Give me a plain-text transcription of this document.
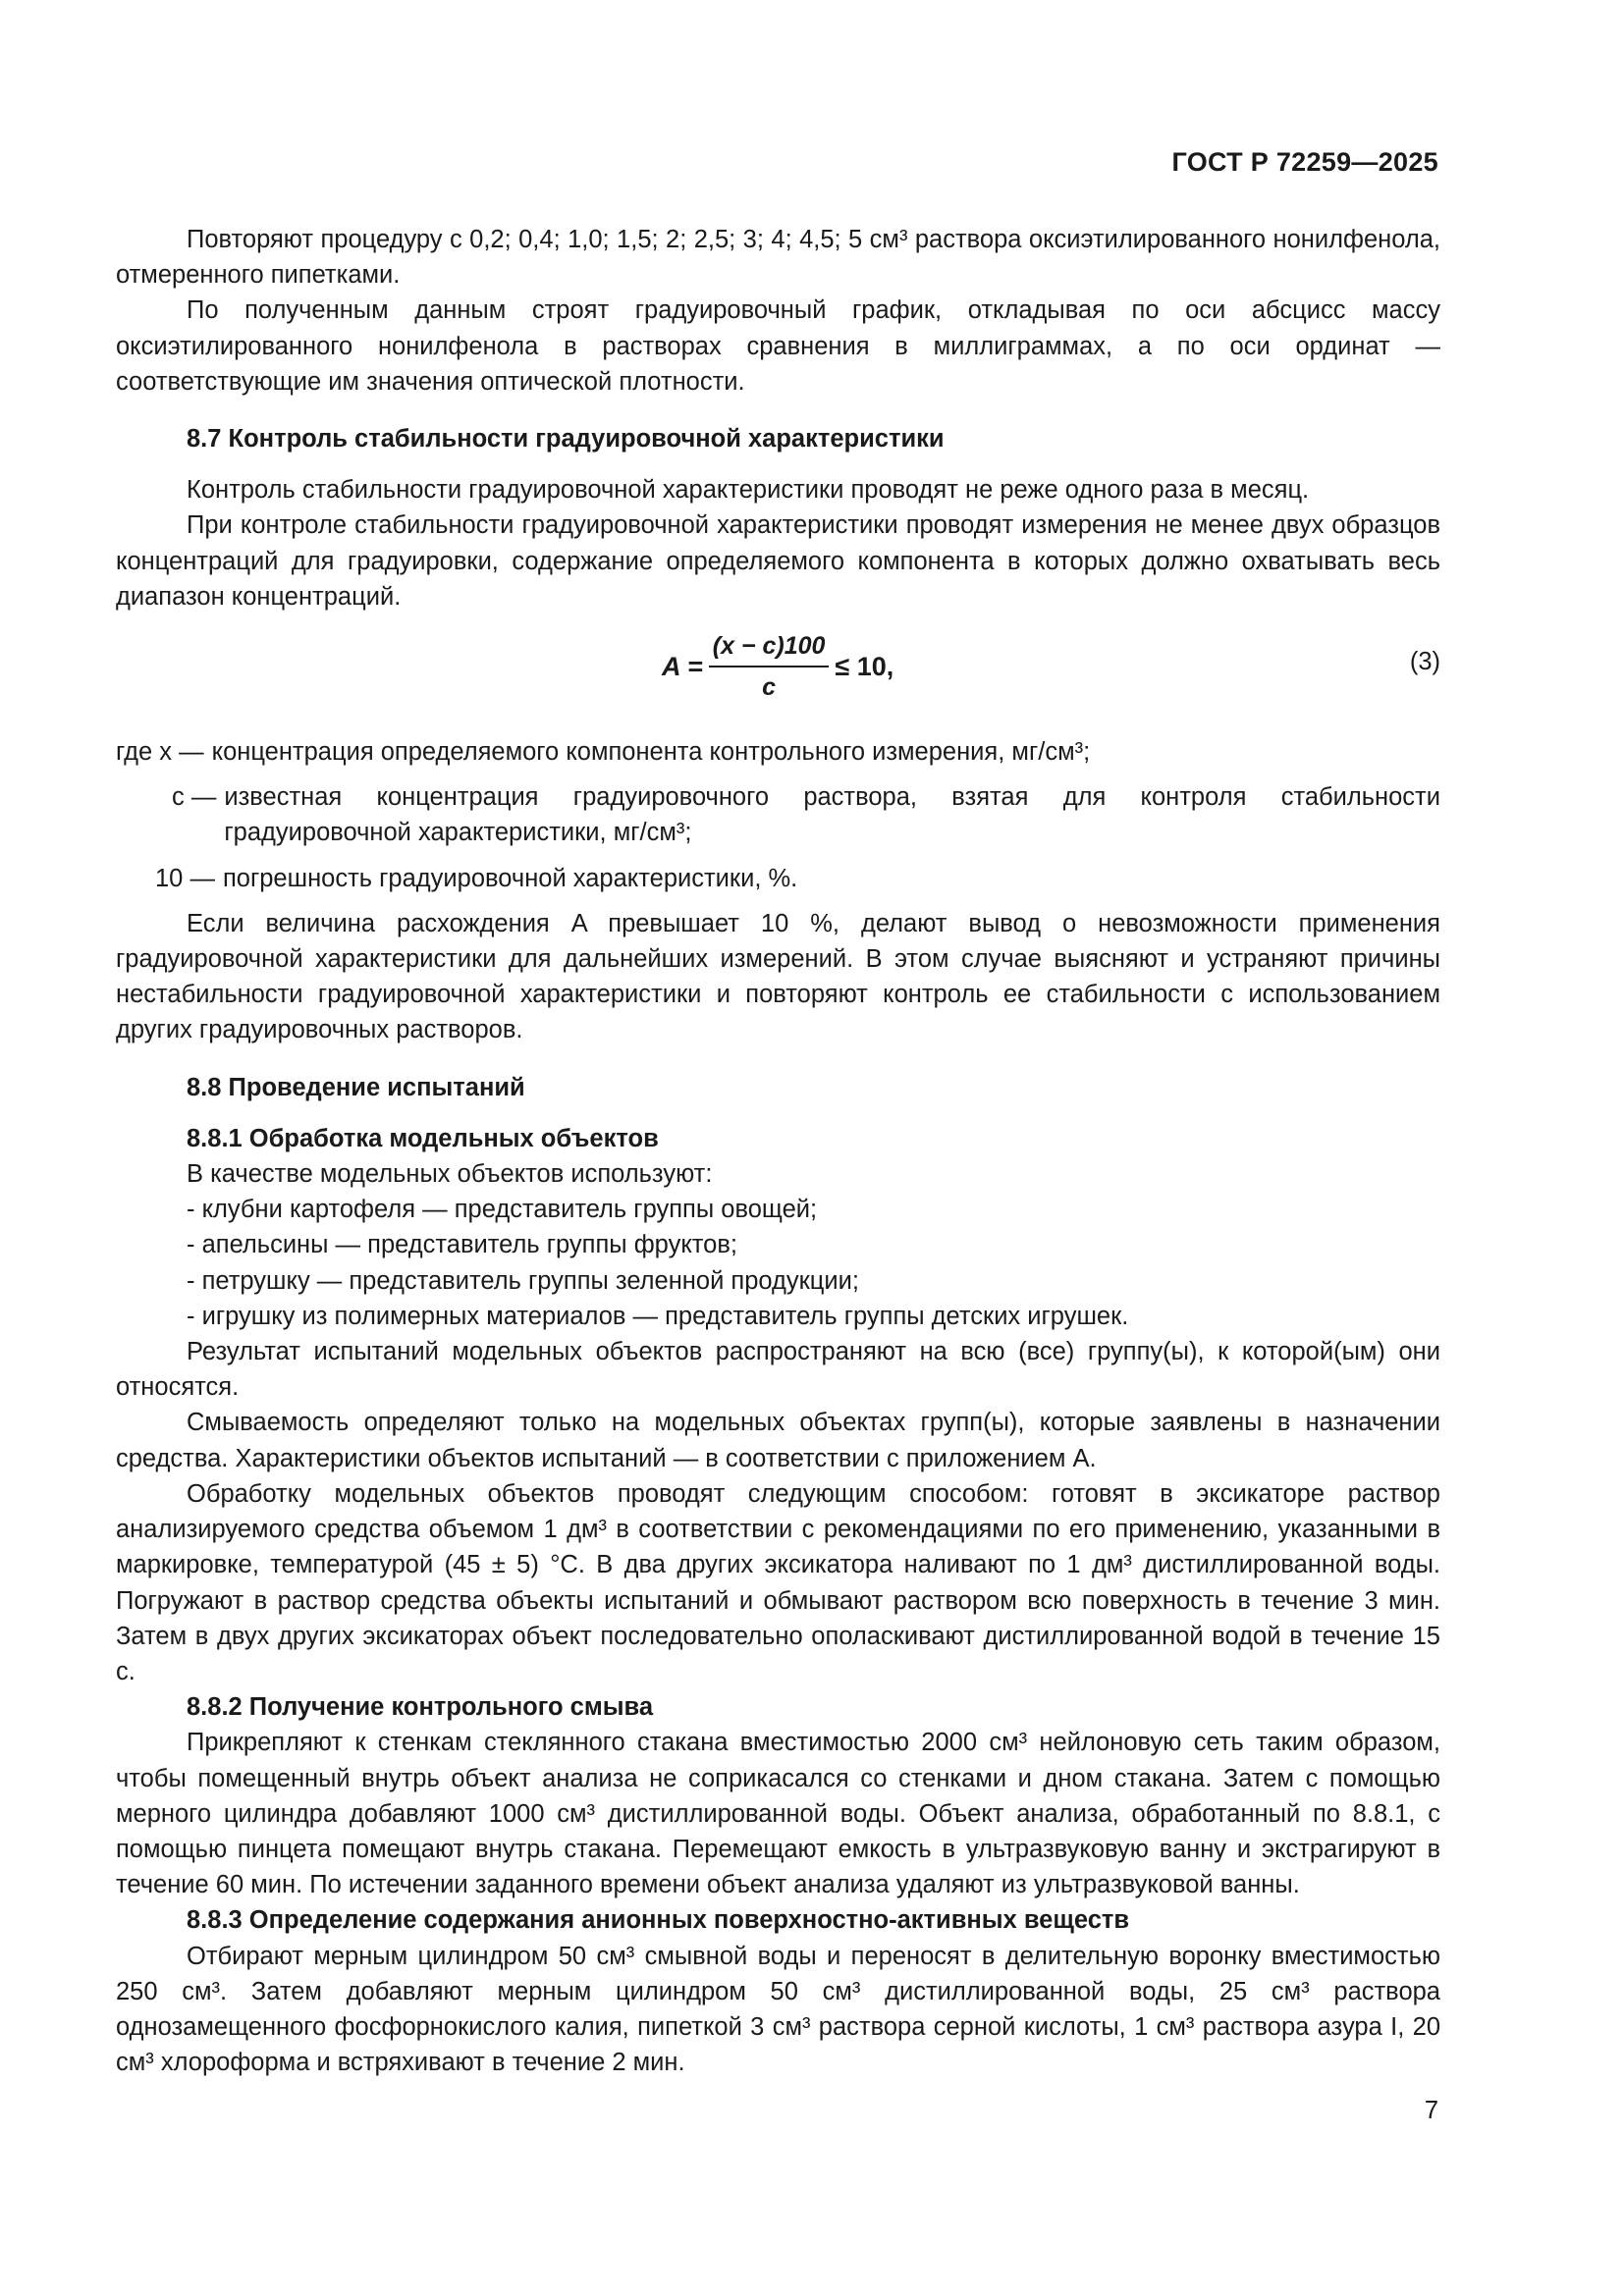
ГОСТ Р 72259—2025

Повторяют процедуру с 0,2; 0,4; 1,0; 1,5; 2; 2,5; 3; 4; 4,5; 5 см³ раствора оксиэтилированного нонилфенола, отмеренного пипетками.

По полученным данным строят градуировочный график, откладывая по оси абсцисс массу оксиэтилированного нонилфенола в растворах сравнения в миллиграммах, а по оси ординат — соответствующие им значения оптической плотности.

8.7 Контроль стабильности градуировочной характеристики

Контроль стабильности градуировочной характеристики проводят не реже одного раза в месяц.

При контроле стабильности градуировочной характеристики проводят измерения не менее двух образцов концентраций для градуировки, содержание определяемого компонента в которых должно охватывать весь диапазон концентраций.

$A = \frac{(x - c)100}{c} \le 10$,	(3)
где x — концентрация определяемого компонента контрольного измерения, мг/см³;
c — известная концентрация градуировочного раствора, взятая для контроля стабильности градуировочной характеристики, мг/см³;
10 — погрешность градуировочной характеристики, %.

Если величина расхождения A превышает 10 %, делают вывод о невозможности применения градуировочной характеристики для дальнейших измерений. В этом случае выясняют и устраняют причины нестабильности градуировочной характеристики и повторяют контроль ее стабильности с использованием других градуировочных растворов.

8.8 Проведение испытаний

8.8.1 Обработка модельных объектов

В качестве модельных объектов используют:

- клубни картофеля — представитель группы овощей;

- апельсины — представитель группы фруктов;

- петрушку — представитель группы зеленной продукции;

- игрушку из полимерных материалов — представитель группы детских игрушек.

Результат испытаний модельных объектов распространяют на всю (все) группу(ы), к которой(ым) они относятся.

Смываемость определяют только на модельных объектах групп(ы), которые заявлены в назначении средства. Характеристики объектов испытаний — в соответствии с приложением А.

Обработку модельных объектов проводят следующим способом: готовят в эксикаторе раствор анализируемого средства объемом 1 дм³ в соответствии с рекомендациями по его применению, указанными в маркировке, температурой (45 ± 5) °С. В два других эксикатора наливают по 1 дм³ дистиллированной воды. Погружают в раствор средства объекты испытаний и обмывают раствором всю поверхность в течение 3 мин. Затем в двух других эксикаторах объект последовательно ополаскивают дистиллированной водой в течение 15 с.

8.8.2 Получение контрольного смыва

Прикрепляют к стенкам стеклянного стакана вместимостью 2000 см³ нейлоновую сеть таким образом, чтобы помещенный внутрь объект анализа не соприкасался со стенками и дном стакана. Затем с помощью мерного цилиндра добавляют 1000 см³ дистиллированной воды. Объект анализа, обработанный по 8.8.1, с помощью пинцета помещают внутрь стакана. Перемещают емкость в ультразвуковую ванну и экстрагируют в течение 60 мин. По истечении заданного времени объект анализа удаляют из ультразвуковой ванны.

8.8.3 Определение содержания анионных поверхностно-активных веществ

Отбирают мерным цилиндром 50 см³ смывной воды и переносят в делительную воронку вместимостью 250 см³. Затем добавляют мерным цилиндром 50 см³ дистиллированной воды, 25 см³ раствора однозамещенного фосфорнокислого калия, пипеткой 3 см³ раствора серной кислоты, 1 см³ раствора азура I, 20 см³ хлороформа и встряхивают в течение 2 мин.

7
